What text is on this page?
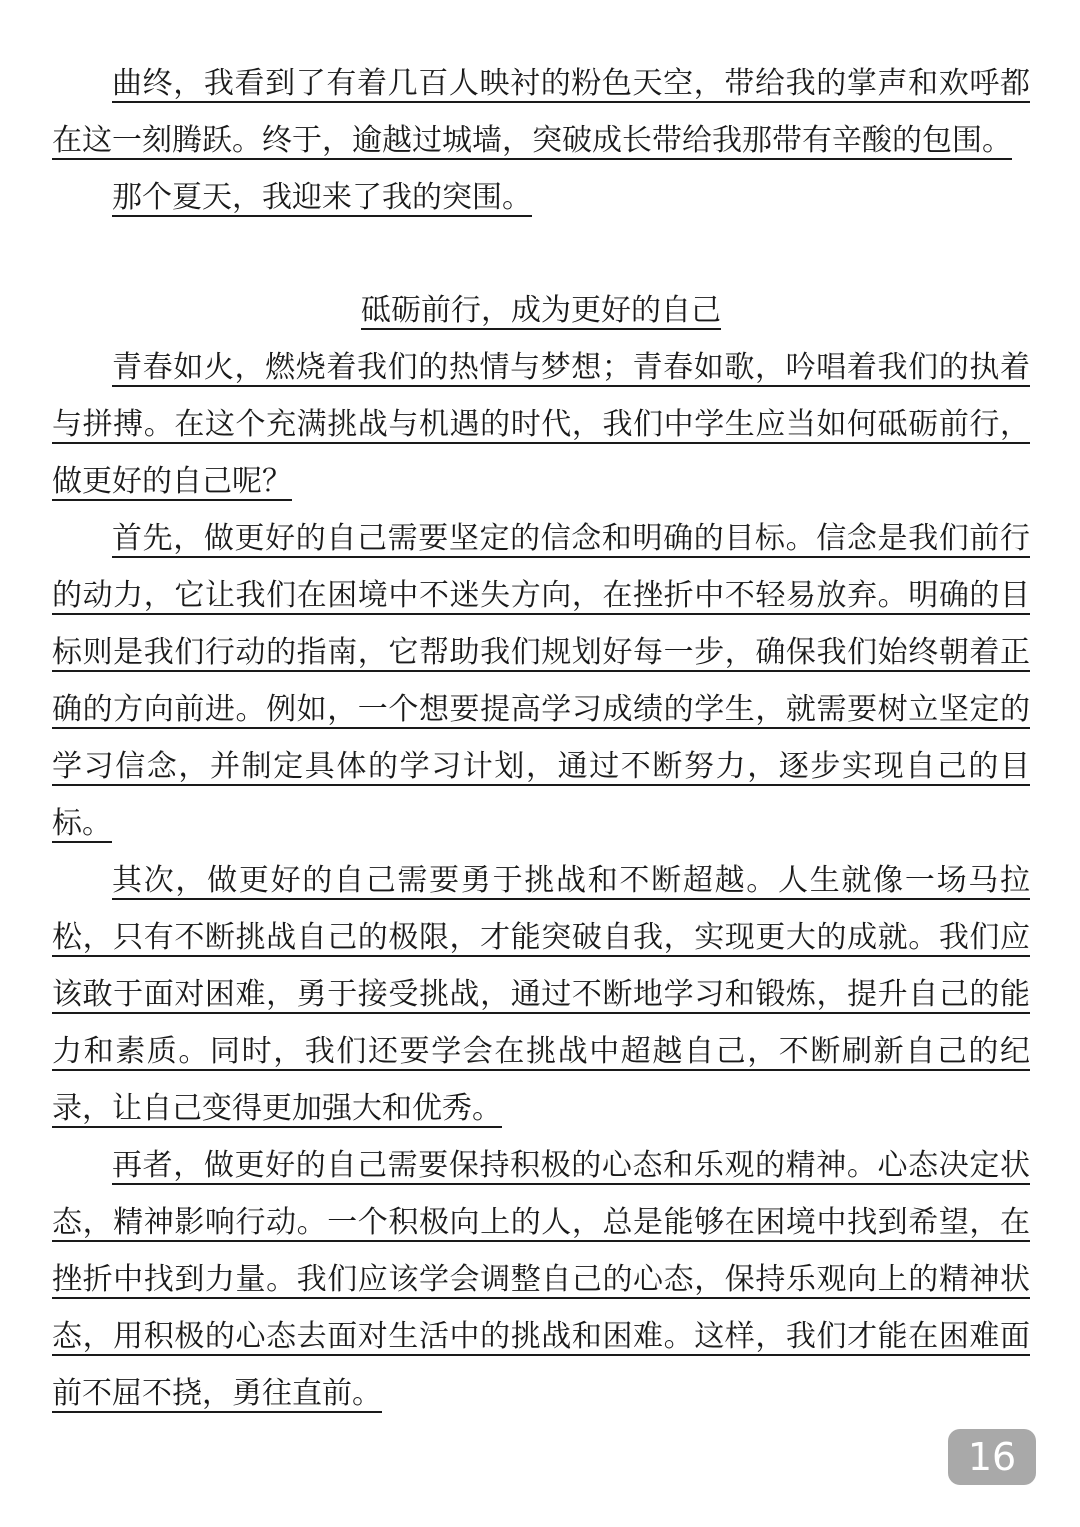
曲终，我看到了有着几百人映衬的粉色天空，带给我的掌声和欢呼都在这一刻腾跃。终于，逾越过城墙，突破成长带给我那带有辛酸的包围。

那个夏天，我迎来了我的突围。

砥砺前行，成为更好的自己

青春如火，燃烧着我们的热情与梦想；青春如歌，吟唱着我们的执着与拼搏。在这个充满挑战与机遇的时代，我们中学生应当如何砥砺前行，做更好的自己呢？

首先，做更好的自己需要坚定的信念和明确的目标。信念是我们前行的动力，它让我们在困境中不迷失方向，在挫折中不轻易放弃。明确的目标则是我们行动的指南，它帮助我们规划好每一步，确保我们始终朝着正确的方向前进。例如，一个想要提高学习成绩的学生，就需要树立坚定的学习信念，并制定具体的学习计划，通过不断努力，逐步实现自己的目标。

其次，做更好的自己需要勇于挑战和不断超越。人生就像一场马拉松，只有不断挑战自己的极限，才能突破自我，实现更大的成就。我们应该敢于面对困难，勇于接受挑战，通过不断地学习和锻炼，提升自己的能力和素质。同时，我们还要学会在挑战中超越自己，不断刷新自己的纪录，让自己变得更加强大和优秀。

再者，做更好的自己需要保持积极的心态和乐观的精神。心态决定状态，精神影响行动。一个积极向上的人，总是能够在困境中找到希望，在挫折中找到力量。我们应该学会调整自己的心态，保持乐观向上的精神状态，用积极的心态去面对生活中的挑战和困难。这样，我们才能在困难面前不屈不挠，勇往直前。

16
